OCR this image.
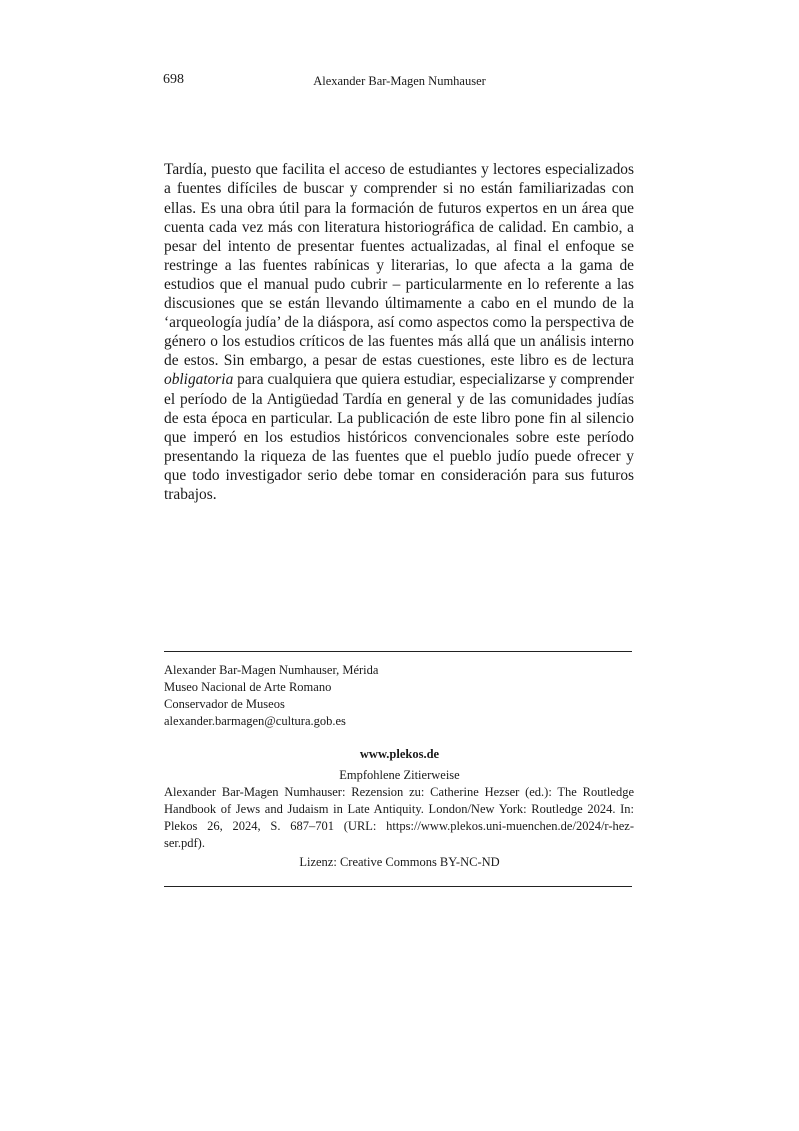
698	Alexander Bar-Magen Numhauser

Tardía, puesto que facilita el acceso de estudiantes y lectores especializados a fuentes difíciles de buscar y comprender si no están familiarizadas con ellas. Es una obra útil para la formación de futuros expertos en un área que cuenta cada vez más con literatura historiográfica de calidad. En cambio, a pesar del intento de presentar fuentes actualizadas, al final el enfoque se restringe a las fuentes rabínicas y literarias, lo que afecta a la gama de estudios que el manual pudo cubrir – particularmente en lo referente a las discusiones que se están llevando últimamente a cabo en el mundo de la ‘arqueología judía’ de la diáspora, así como aspectos como la perspectiva de género o los estudios críticos de las fuentes más allá que un análisis interno de estos. Sin embargo, a pesar de estas cuestiones, este libro es de lectura obligatoria para cualquiera que quiera estudiar, especializarse y comprender el período de la Antigüedad Tardía en general y de las comunidades judías de esta época en particular. La publicación de este libro pone fin al silencio que imperó en los estudios históricos convencionales sobre este período presentando la riqueza de las fuentes que el pueblo judío puede ofrecer y que todo investigador serio debe tomar en consideración para sus futuros trabajos.

Alexander Bar-Magen Numhauser, Mérida
Museo Nacional de Arte Romano
Conservador de Museos
alexander.barmagen@cultura.gob.es
www.plekos.de
Empfohlene Zitierweise
Alexander Bar-Magen Numhauser: Rezension zu: Catherine Hezser (ed.): The Routledge Handbook of Jews and Judaism in Late Antiquity. London/New York: Routledge 2024. In: Plekos 26, 2024, S. 687–701 (URL: https://www.plekos.uni-muenchen.de/2024/r-hez-ser.pdf).
Lizenz: Creative Commons BY-NC-ND
